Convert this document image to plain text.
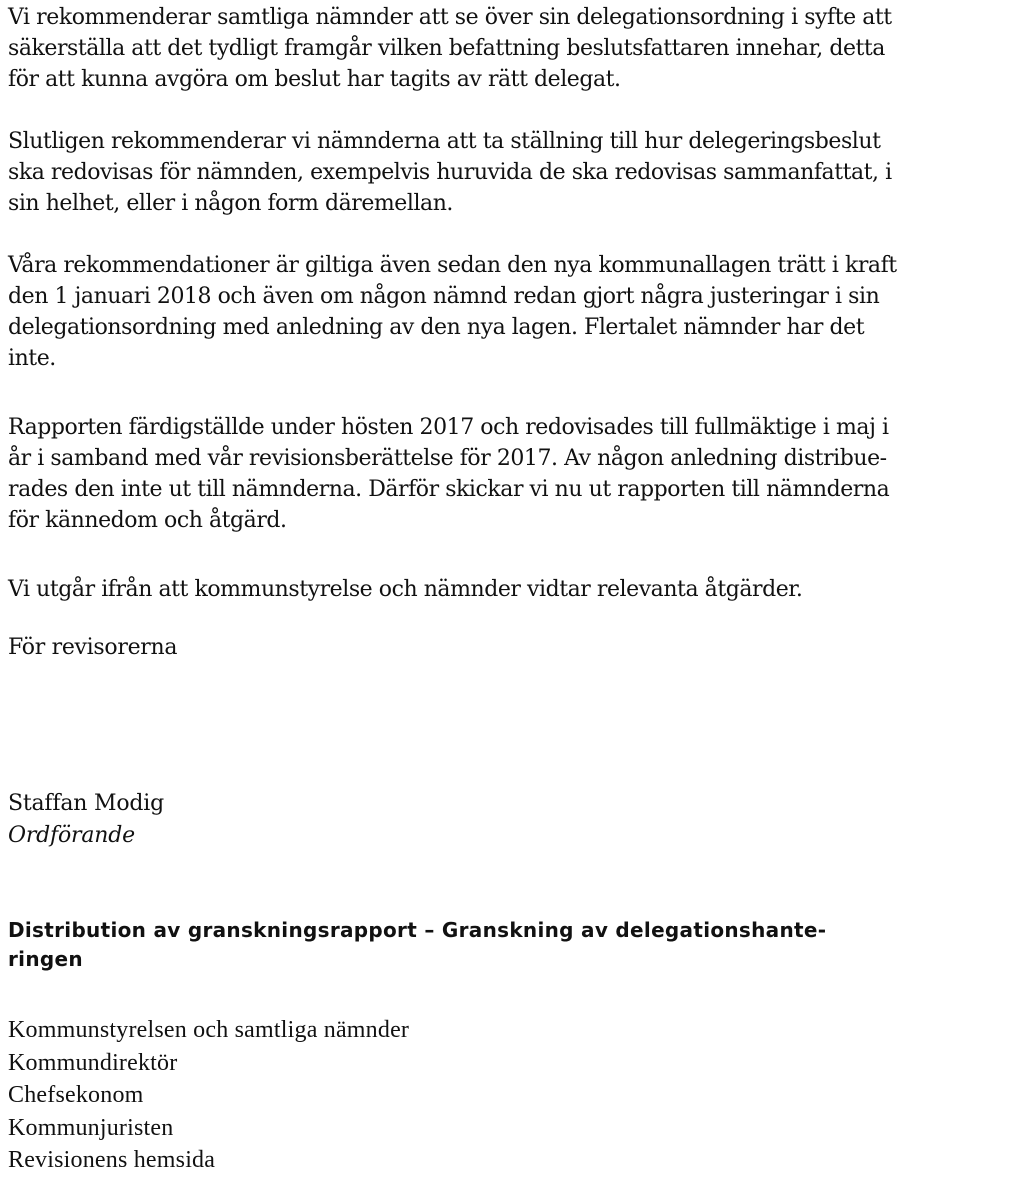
Vi rekommenderar samtliga nämnder att se över sin delegationsordning i syfte att
säkerställa att det tydligt framgår vilken befattning beslutsfattaren innehar, detta
för att kunna avgöra om beslut har tagits av rätt delegat.

Slutligen rekommenderar vi nämnderna att ta ställning till hur delegeringsbeslut
ska redovisas för nämnden, exempelvis huruvida de ska redovisas sammanfattat, i
sin helhet, eller i någon form däremellan.

Våra rekommendationer är giltiga även sedan den nya kommunallagen trätt i kraft
den 1 januari 2018 och även om någon nämnd redan gjort några justeringar i sin
delegationsordning med anledning av den nya lagen. Flertalet nämnder har det
inte.

Rapporten färdigställde under hösten 2017 och redovisades till fullmäktige i maj i
år i samband med vår revisionsberättelse för 2017. Av någon anledning distribue-
rades den inte ut till nämnderna. Därför skickar vi nu ut rapporten till nämnderna
för kännedom och åtgärd.

Vi utgår ifrån att kommunstyrelse och nämnder vidtar relevanta åtgärder.

För revisorerna

Staffan Modig
Ordförande
Distribution av granskningsrapport – Granskning av delegationshante-
ringen
Kommunstyrelsen och samtliga nämnder
Kommundirektör
Chefsekonom
Kommunjuristen
Revisionens hemsida
